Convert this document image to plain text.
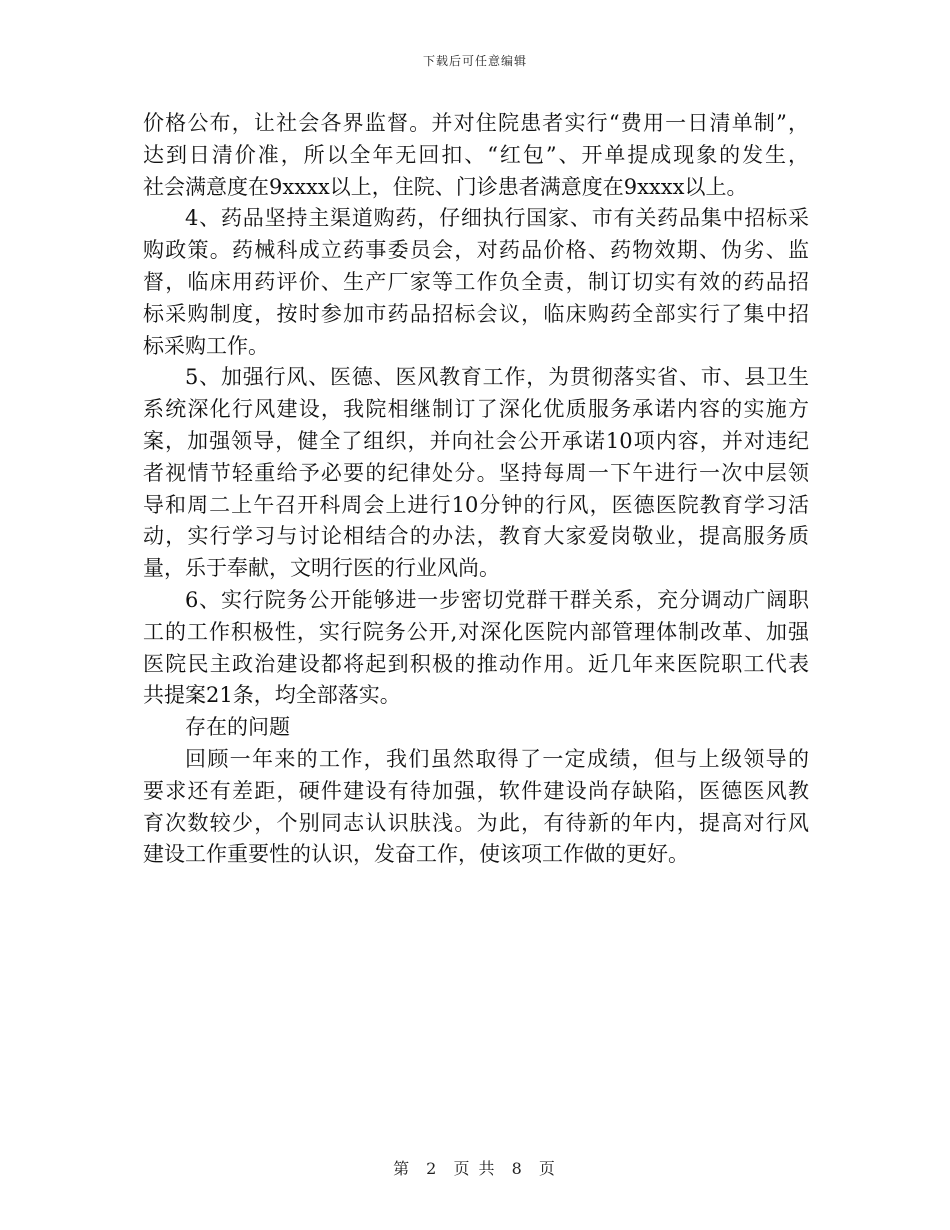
下载后可任意编辑
价格公布，让社会各界监督。并对住院患者实行“费用一日清单制”，
达到日清价准，所以全年无回扣、“红包”、开单提成现象的发生，
社会满意度在9xxxx以上，住院、门诊患者满意度在9xxxx以上。
4、药品坚持主渠道购药，仔细执行国家、市有关药品集中招标采
购政策。药械科成立药事委员会，对药品价格、药物效期、伪劣、监
督，临床用药评价、生产厂家等工作负全责，制订切实有效的药品招
标采购制度，按时参加市药品招标会议，临床购药全部实行了集中招
标采购工作。
5、加强行风、医德、医风教育工作，为贯彻落实省、市、县卫生
系统深化行风建设，我院相继制订了深化优质服务承诺内容的实施方
案，加强领导，健全了组织，并向社会公开承诺10项内容，并对违纪
者视情节轻重给予必要的纪律处分。坚持每周一下午进行一次中层领
导和周二上午召开科周会上进行10分钟的行风，医德医院教育学习活
动，实行学习与讨论相结合的办法，教育大家爱岗敬业，提高服务质
量，乐于奉献，文明行医的行业风尚。
6、实行院务公开能够进一步密切党群干群关系，充分调动广阔职
工的工作积极性，实行院务公开,对深化医院内部管理体制改革、加强
医院民主政治建设都将起到积极的推动作用。近几年来医院职工代表
共提案21条，均全部落实。
存在的问题
回顾一年来的工作，我们虽然取得了一定成绩，但与上级领导的
要求还有差距，硬件建设有待加强，软件建设尚存缺陷，医德医风教
育次数较少，个别同志认识肤浅。为此，有待新的年内，提高对行风
建设工作重要性的认识，发奋工作，使该项工作做的更好。
第 2 页 共 8 页
